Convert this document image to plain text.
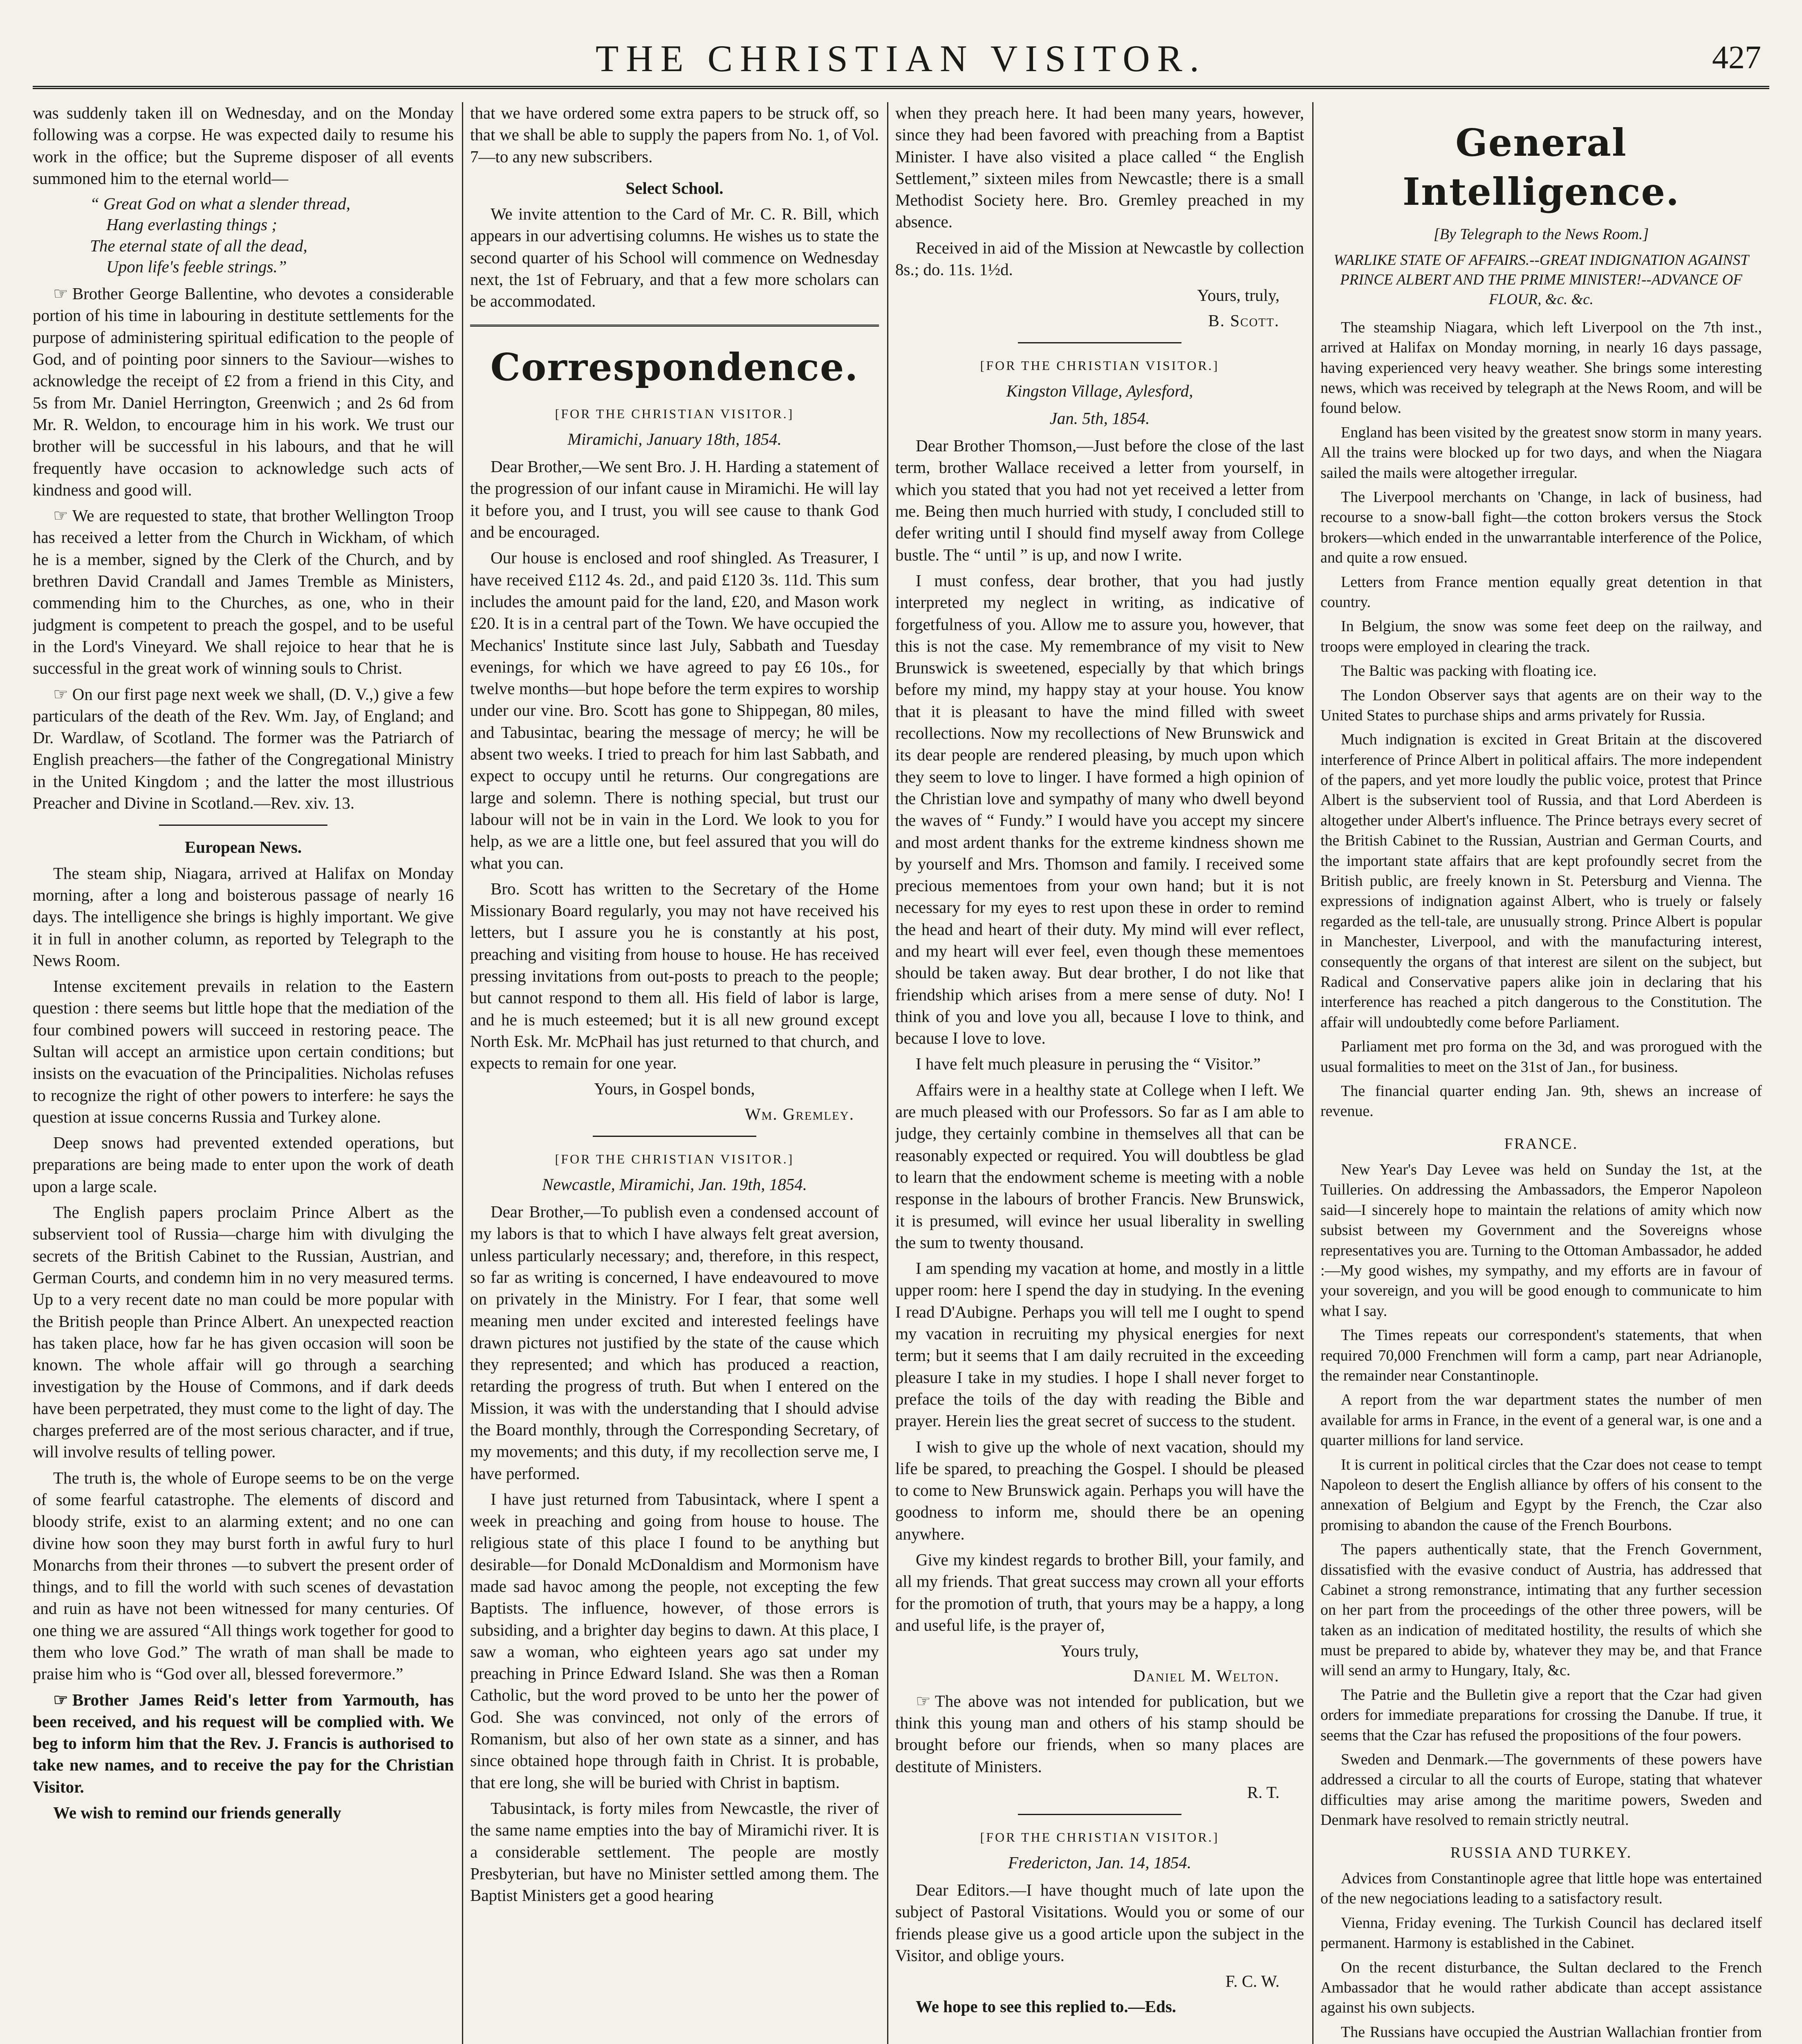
THE CHRISTIAN VISITOR.	427

was suddenly taken ill on Wednesday, and on the Monday following was a corpse. He was expected daily to resume his work in the office; but the Supreme disposer of all events summoned him to the eternal world—

“ Great God on what a slender thread,
Hang everlasting things ;
The eternal state of all the dead,
Upon life's feeble strings.”

☞ Brother George Ballentine, who devotes a considerable portion of his time in labouring in destitute settlements for the purpose of administering spiritual edification to the people of God, and of pointing poor sinners to the Saviour—wishes to acknowledge the receipt of £2 from a friend in this City, and 5s from Mr. Daniel Herrington, Greenwich ; and 2s 6d from Mr. R. Weldon, to encourage him in his work. We trust our brother will be successful in his labours, and that he will frequently have occasion to acknowledge such acts of kindness and good will.

☞ We are requested to state, that brother Wellington Troop has received a letter from the Church in Wickham, of which he is a member, signed by the Clerk of the Church, and by brethren David Crandall and James Tremble as Ministers, commending him to the Churches, as one, who in their judgment is competent to preach the gospel, and to be useful in the Lord's Vineyard. We shall rejoice to hear that he is successful in the great work of winning souls to Christ.

☞ On our first page next week we shall, (D. V.,) give a few particulars of the death of the Rev. Wm. Jay, of England; and Dr. Wardlaw, of Scotland. The former was the Patriarch of English preachers—the father of the Congregational Ministry in the United Kingdom ; and the latter the most illustrious Preacher and Divine in Scotland.—Rev. xiv. 13.

European News.

The steam ship, Niagara, arrived at Halifax on Monday morning, after a long and boisterous passage of nearly 16 days. The intelligence she brings is highly important. We give it in full in another column, as reported by Telegraph to the News Room.

Intense excitement prevails in relation to the Eastern question : there seems but little hope that the mediation of the four combined powers will succeed in restoring peace. The Sultan will accept an armistice upon certain conditions; but insists on the evacuation of the Principalities. Nicholas refuses to recognize the right of other powers to interfere: he says the question at issue concerns Russia and Turkey alone.

Deep snows had prevented extended operations, but preparations are being made to enter upon the work of death upon a large scale.

The English papers proclaim Prince Albert as the subservient tool of Russia—charge him with divulging the secrets of the British Cabinet to the Russian, Austrian, and German Courts, and condemn him in no very measured terms. Up to a very recent date no man could be more popular with the British people than Prince Albert. An unexpected reaction has taken place, how far he has given occasion will soon be known. The whole affair will go through a searching investigation by the House of Commons, and if dark deeds have been perpetrated, they must come to the light of day. The charges preferred are of the most serious character, and if true, will involve results of telling power.

The truth is, the whole of Europe seems to be on the verge of some fearful catastrophe. The elements of discord and bloody strife, exist to an alarming extent; and no one can divine how soon they may burst forth in awful fury to hurl Monarchs from their thrones —to subvert the present order of things, and to fill the world with such scenes of devastation and ruin as have not been witnessed for many centuries. Of one thing we are assured “All things work together for good to them who love God.” The wrath of man shall be made to praise him who is “God over all, blessed forevermore.”

☞ Brother James Reid's letter from Yarmouth, has been received, and his request will be complied with. We beg to inform him that the Rev. J. Francis is authorised to take new names, and to receive the pay for the Christian Visitor.

We wish to remind our friends generally

that we have ordered some extra papers to be struck off, so that we shall be able to supply the papers from No. 1, of Vol. 7—to any new subscribers.

Select School.

We invite attention to the Card of Mr. C. R. Bill, which appears in our advertising columns. He wishes us to state the second quarter of his School will commence on Wednesday next, the 1st of February, and that a few more scholars can be accommodated.

Correspondence.
[FOR THE CHRISTIAN VISITOR.]
Miramichi, January 18th, 1854.

Dear Brother,—We sent Bro. J. H. Harding a statement of the progression of our infant cause in Miramichi. He will lay it before you, and I trust, you will see cause to thank God and be encouraged.

Our house is enclosed and roof shingled. As Treasurer, I have received £112 4s. 2d., and paid £120 3s. 11d. This sum includes the amount paid for the land, £20, and Mason work £20. It is in a central part of the Town. We have occupied the Mechanics' Institute since last July, Sabbath and Tuesday evenings, for which we have agreed to pay £6 10s., for twelve months—but hope before the term expires to worship under our vine. Bro. Scott has gone to Shippegan, 80 miles, and Tabusintac, bearing the message of mercy; he will be absent two weeks. I tried to preach for him last Sabbath, and expect to occupy until he returns. Our congregations are large and solemn. There is nothing special, but trust our labour will not be in vain in the Lord. We look to you for help, as we are a little one, but feel assured that you will do what you can.

Bro. Scott has written to the Secretary of the Home Missionary Board regularly, you may not have received his letters, but I assure you he is constantly at his post, preaching and visiting from house to house. He has received pressing invitations from out-posts to preach to the people; but cannot respond to them all. His field of labor is large, and he is much esteemed; but it is all new ground except North Esk. Mr. McPhail has just returned to that church, and expects to remain for one year.

Yours, in Gospel bonds,
Wm. Gremley.
[FOR THE CHRISTIAN VISITOR.]
Newcastle, Miramichi, Jan. 19th, 1854.

Dear Brother,—To publish even a condensed account of my labors is that to which I have always felt great aversion, unless particularly necessary; and, therefore, in this respect, so far as writing is concerned, I have endeavoured to move on privately in the Ministry. For I fear, that some well meaning men under excited and interested feelings have drawn pictures not justified by the state of the cause which they represented; and which has produced a reaction, retarding the progress of truth. But when I entered on the Mission, it was with the understanding that I should advise the Board monthly, through the Corresponding Secretary, of my movements; and this duty, if my recollection serve me, I have performed.

I have just returned from Tabusintack, where I spent a week in preaching and going from house to house. The religious state of this place I found to be anything but desirable—for Donald McDonaldism and Mormonism have made sad havoc among the people, not excepting the few Baptists. The influence, however, of those errors is subsiding, and a brighter day begins to dawn. At this place, I saw a woman, who eighteen years ago sat under my preaching in Prince Edward Island. She was then a Roman Catholic, but the word proved to be unto her the power of God. She was convinced, not only of the errors of Romanism, but also of her own state as a sinner, and has since obtained hope through faith in Christ. It is probable, that ere long, she will be buried with Christ in baptism.

Tabusintack, is forty miles from Newcastle, the river of the same name empties into the bay of Miramichi river. It is a considerable settlement. The people are mostly Presbyterian, but have no Minister settled among them. The Baptist Ministers get a good hearing

when they preach here. It had been many years, however, since they had been favored with preaching from a Baptist Minister. I have also visited a place called “ the English Settlement,” sixteen miles from Newcastle; there is a small Methodist Society here. Bro. Gremley preached in my absence.

Received in aid of the Mission at Newcastle by collection 8s.; do. 11s. 1½d.

Yours, truly,
B. Scott.
[FOR THE CHRISTIAN VISITOR.]
Kingston Village, Aylesford,
Jan. 5th, 1854.

Dear Brother Thomson,—Just before the close of the last term, brother Wallace received a letter from yourself, in which you stated that you had not yet received a letter from me. Being then much hurried with study, I concluded still to defer writing until I should find myself away from College bustle. The “ until ” is up, and now I write.

I must confess, dear brother, that you had justly interpreted my neglect in writing, as indicative of forgetfulness of you. Allow me to assure you, however, that this is not the case. My remembrance of my visit to New Brunswick is sweetened, especially by that which brings before my mind, my happy stay at your house. You know that it is pleasant to have the mind filled with sweet recollections. Now my recollections of New Brunswick and its dear people are rendered pleasing, by much upon which they seem to love to linger. I have formed a high opinion of the Christian love and sympathy of many who dwell beyond the waves of “ Fundy.” I would have you accept my sincere and most ardent thanks for the extreme kindness shown me by yourself and Mrs. Thomson and family. I received some precious mementoes from your own hand; but it is not necessary for my eyes to rest upon these in order to remind the head and heart of their duty. My mind will ever reflect, and my heart will ever feel, even though these mementoes should be taken away. But dear brother, I do not like that friendship which arises from a mere sense of duty. No! I think of you and love you all, because I love to think, and because I love to love.

I have felt much pleasure in perusing the “ Visitor.”

Affairs were in a healthy state at College when I left. We are much pleased with our Professors. So far as I am able to judge, they certainly combine in themselves all that can be reasonably expected or required. You will doubtless be glad to learn that the endowment scheme is meeting with a noble response in the labours of brother Francis. New Brunswick, it is presumed, will evince her usual liberality in swelling the sum to twenty thousand.

I am spending my vacation at home, and mostly in a little upper room: here I spend the day in studying. In the evening I read D'Aubigne. Perhaps you will tell me I ought to spend my vacation in recruiting my physical energies for next term; but it seems that I am daily recruited in the exceeding pleasure I take in my studies. I hope I shall never forget to preface the toils of the day with reading the Bible and prayer. Herein lies the great secret of success to the student.

I wish to give up the whole of next vacation, should my life be spared, to preaching the Gospel. I should be pleased to come to New Brunswick again. Perhaps you will have the goodness to inform me, should there be an opening anywhere.

Give my kindest regards to brother Bill, your family, and all my friends. That great success may crown all your efforts for the promotion of truth, that yours may be a happy, a long and useful life, is the prayer of,

Yours truly,
Daniel M. Welton.

☞ The above was not intended for publication, but we think this young man and others of his stamp should be brought before our friends, when so many places are destitute of Ministers.

R. T.
[FOR THE CHRISTIAN VISITOR.]
Fredericton, Jan. 14, 1854.

Dear Editors.—I have thought much of late upon the subject of Pastoral Visitations. Would you or some of our friends please give us a good article upon the subject in the Visitor, and oblige yours.

F. C. W.

We hope to see this replied to.—Eds.

General Intelligence.
[By Telegraph to the News Room.]
WARLIKE STATE OF AFFAIRS.--GREAT INDIGNATION AGAINST PRINCE ALBERT AND THE PRIME MINISTER!--ADVANCE OF FLOUR, &c. &c.

The steamship Niagara, which left Liverpool on the 7th inst., arrived at Halifax on Monday morning, in nearly 16 days passage, having experienced very heavy weather. She brings some interesting news, which was received by telegraph at the News Room, and will be found below.

England has been visited by the greatest snow storm in many years. All the trains were blocked up for two days, and when the Niagara sailed the mails were altogether irregular.

The Liverpool merchants on 'Change, in lack of business, had recourse to a snow-ball fight—the cotton brokers versus the Stock brokers—which ended in the unwarrantable interference of the Police, and quite a row ensued.

Letters from France mention equally great detention in that country.

In Belgium, the snow was some feet deep on the railway, and troops were employed in clearing the track.

The Baltic was packing with floating ice.

The London Observer says that agents are on their way to the United States to purchase ships and arms privately for Russia.

Much indignation is excited in Great Britain at the discovered interference of Prince Albert in political affairs. The more independent of the papers, and yet more loudly the public voice, protest that Prince Albert is the subservient tool of Russia, and that Lord Aberdeen is altogether under Albert's influence. The Prince betrays every secret of the British Cabinet to the Russian, Austrian and German Courts, and the important state affairs that are kept profoundly secret from the British public, are freely known in St. Petersburg and Vienna. The expressions of indignation against Albert, who is truely or falsely regarded as the tell-tale, are unusually strong. Prince Albert is popular in Manchester, Liverpool, and with the manufacturing interest, consequently the organs of that interest are silent on the subject, but Radical and Conservative papers alike join in declaring that his interference has reached a pitch dangerous to the Constitution. The affair will undoubtedly come before Parliament.

Parliament met pro forma on the 3d, and was prorogued with the usual formalities to meet on the 31st of Jan., for business.

The financial quarter ending Jan. 9th, shews an increase of revenue.

FRANCE.

New Year's Day Levee was held on Sunday the 1st, at the Tuilleries. On addressing the Ambassadors, the Emperor Napoleon said—I sincerely hope to maintain the relations of amity which now subsist between my Government and the Sovereigns whose representatives you are. Turning to the Ottoman Ambassador, he added :—My good wishes, my sympathy, and my efforts are in favour of your sovereign, and you will be good enough to communicate to him what I say.

The Times repeats our correspondent's statements, that when required 70,000 Frenchmen will form a camp, part near Adrianople, the remainder near Constantinople.

A report from the war department states the number of men available for arms in France, in the event of a general war, is one and a quarter millions for land service.

It is current in political circles that the Czar does not cease to tempt Napoleon to desert the English alliance by offers of his consent to the annexation of Belgium and Egypt by the French, the Czar also promising to abandon the cause of the French Bourbons.

The papers authentically state, that the French Government, dissatisfied with the evasive conduct of Austria, has addressed that Cabinet a strong remonstrance, intimating that any further secession on her part from the proceedings of the other three powers, will be taken as an indication of meditated hostility, the results of which she must be prepared to abide by, whatever they may be, and that France will send an army to Hungary, Italy, &c.

The Patrie and the Bulletin give a report that the Czar had given orders for immediate preparations for crossing the Danube. If true, it seems that the Czar has refused the propositions of the four powers.

Sweden and Denmark.—The governments of these powers have addressed a circular to all the courts of Europe, stating that whatever difficulties may arise among the maritime powers, Sweden and Denmark have resolved to remain strictly neutral.

RUSSIA AND TURKEY.

Advices from Constantinople agree that little hope was entertained of the new negociations leading to a satisfactory result.

Vienna, Friday evening. The Turkish Council has declared itself permanent. Harmony is established in the Cabinet.

On the recent disturbance, the Sultan declared to the French Ambassador that he would rather abdicate than accept assistance against his own subjects.

The Russians have occupied the Austrian Wallachian frontier from
